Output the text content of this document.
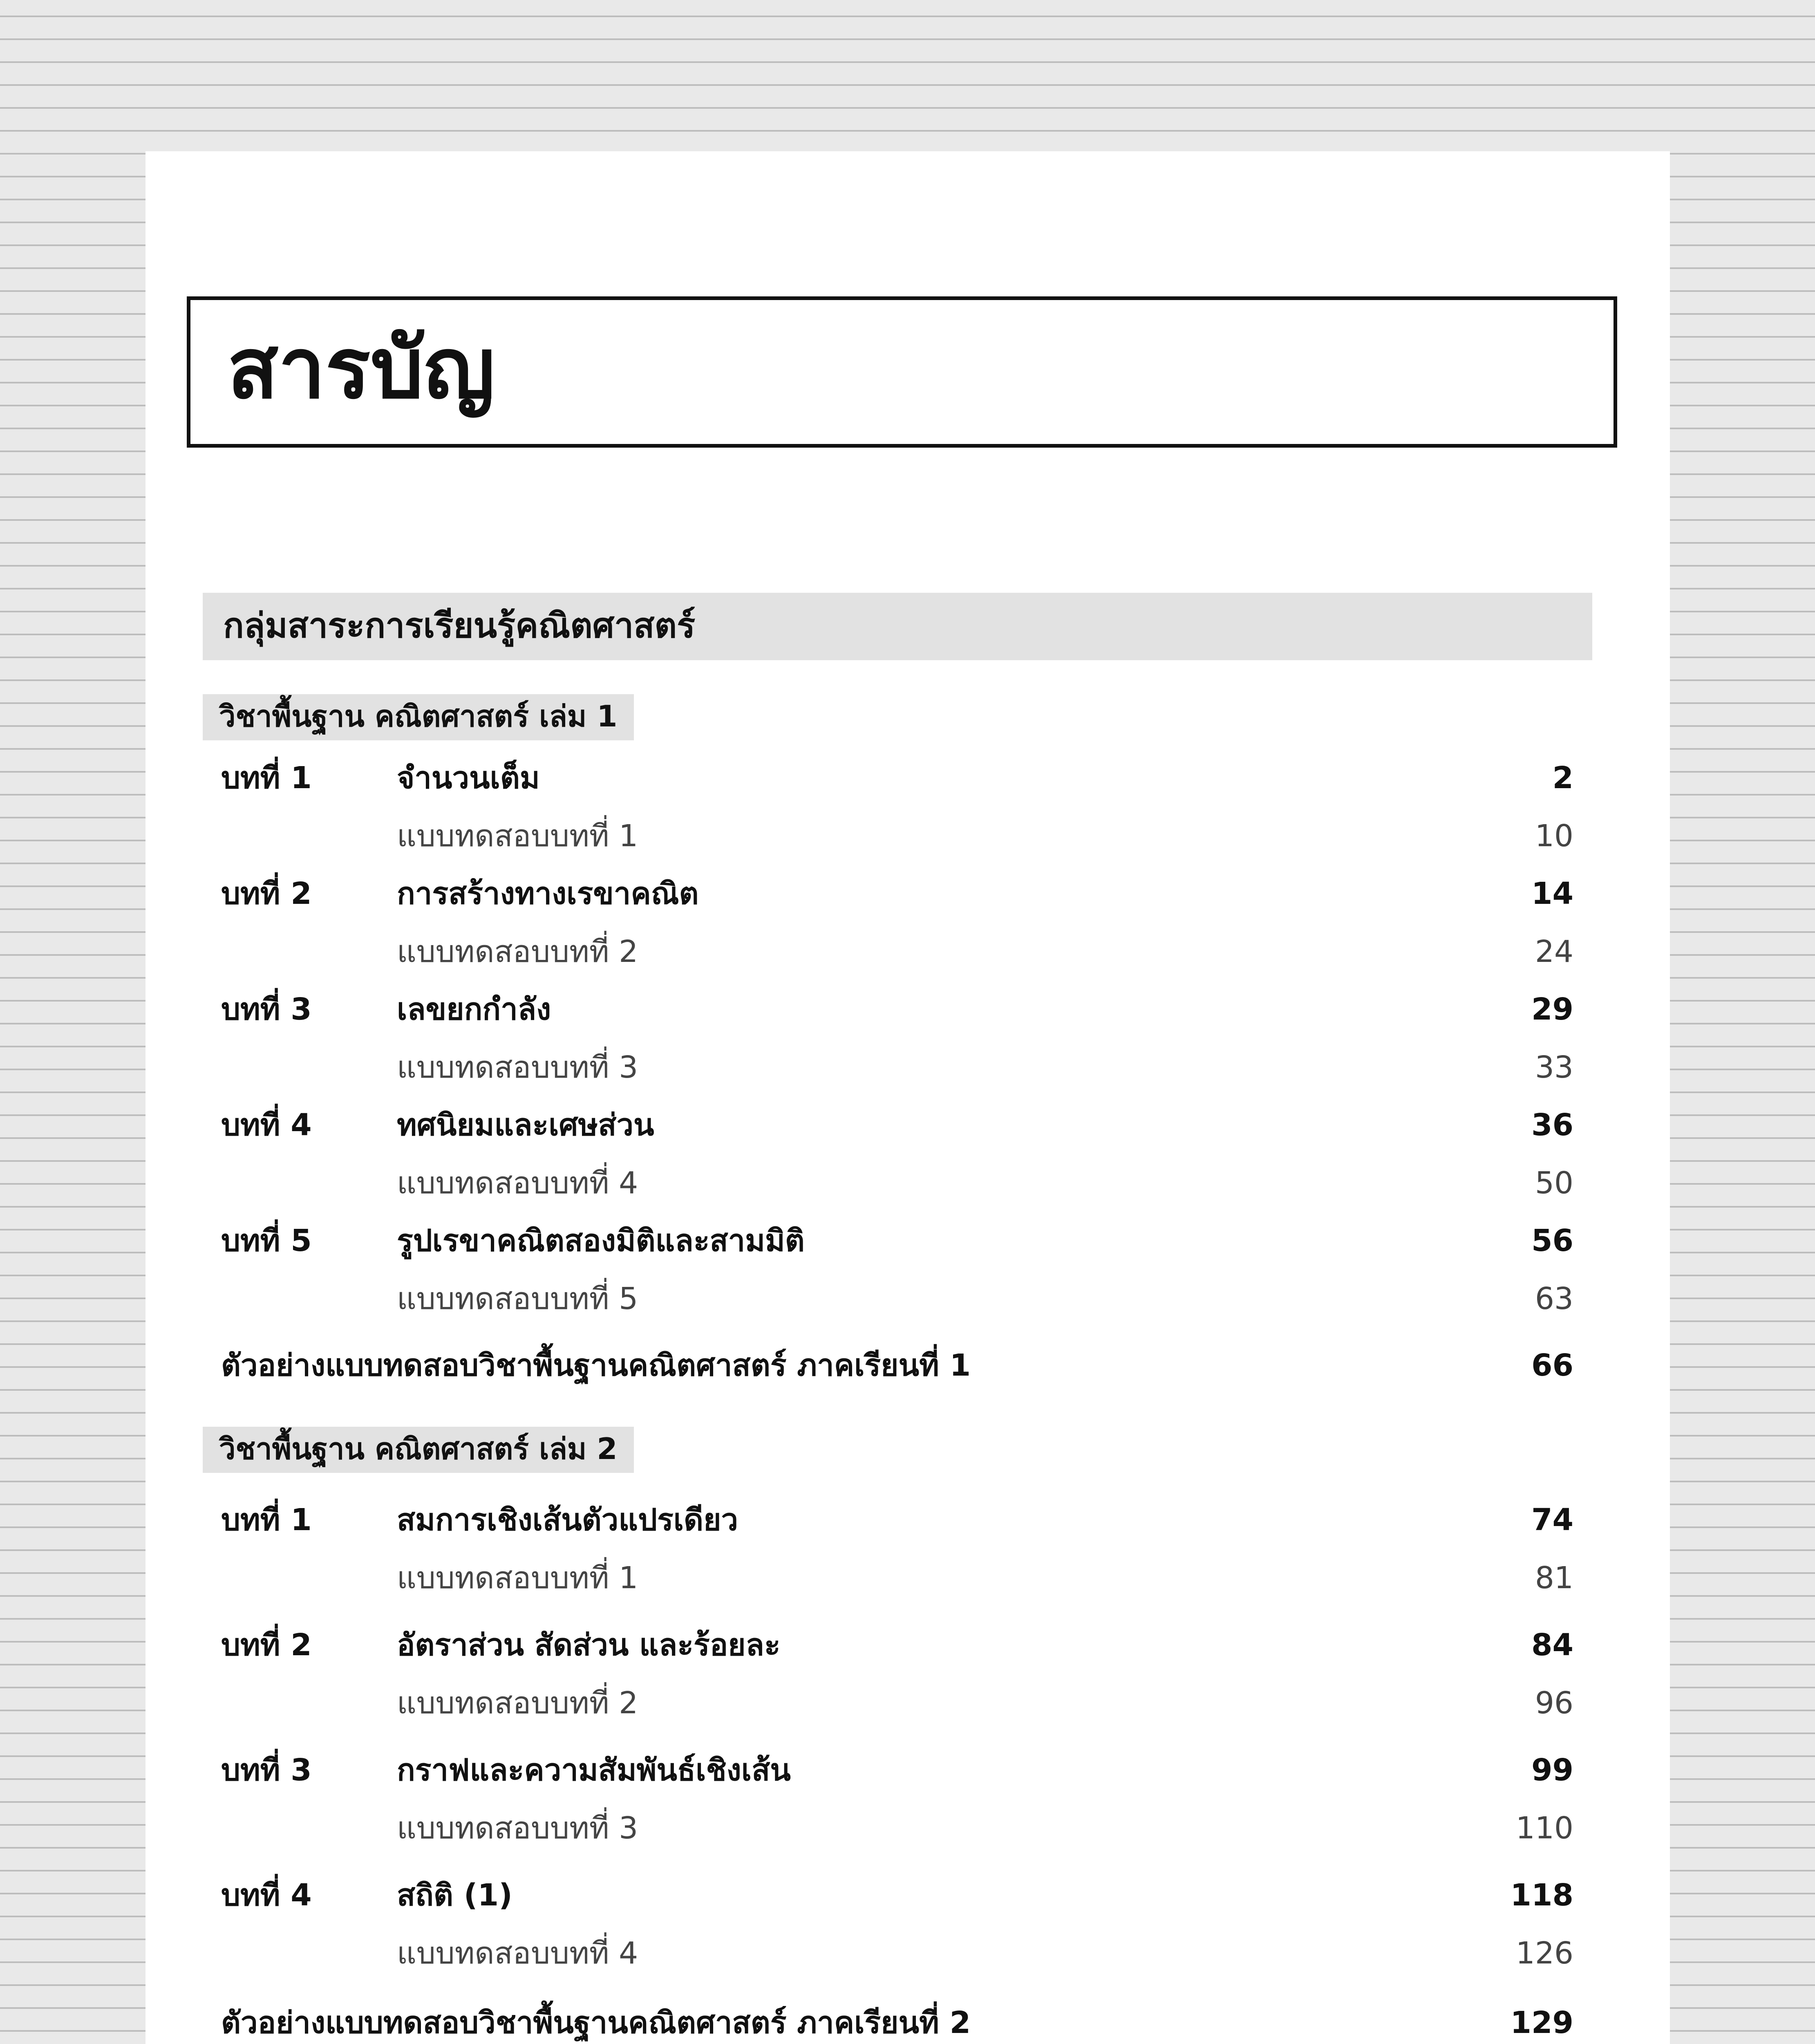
สารบัญ
กลุ่มสาระการเรียนรู้คณิตศาสตร์
วิชาพื้นฐาน คณิตศาสตร์ เล่ม 1
บทที่ 1	จำนวนเต็ม	2
แบบทดสอบบทที่ 1	10
บทที่ 2	การสร้างทางเรขาคณิต	14
แบบทดสอบบทที่ 2	24
บทที่ 3	เลขยกกำลัง	29
แบบทดสอบบทที่ 3	33
บทที่ 4	ทศนิยมและเศษส่วน	36
แบบทดสอบบทที่ 4	50
บทที่ 5	รูปเรขาคณิตสองมิติและสามมิติ	56
แบบทดสอบบทที่ 5	63
ตัวอย่างแบบทดสอบวิชาพื้นฐานคณิตศาสตร์ ภาคเรียนที่ 1	66
วิชาพื้นฐาน คณิตศาสตร์ เล่ม 2
บทที่ 1	สมการเชิงเส้นตัวแปรเดียว	74
แบบทดสอบบทที่ 1	81
บทที่ 2	อัตราส่วน สัดส่วน และร้อยละ	84
แบบทดสอบบทที่ 2	96
บทที่ 3	กราฟและความสัมพันธ์เชิงเส้น	99
แบบทดสอบบทที่ 3	110
บทที่ 4	สถิติ (1)	118
แบบทดสอบบทที่ 4	126
ตัวอย่างแบบทดสอบวิชาพื้นฐานคณิตศาสตร์ ภาคเรียนที่ 2	129
